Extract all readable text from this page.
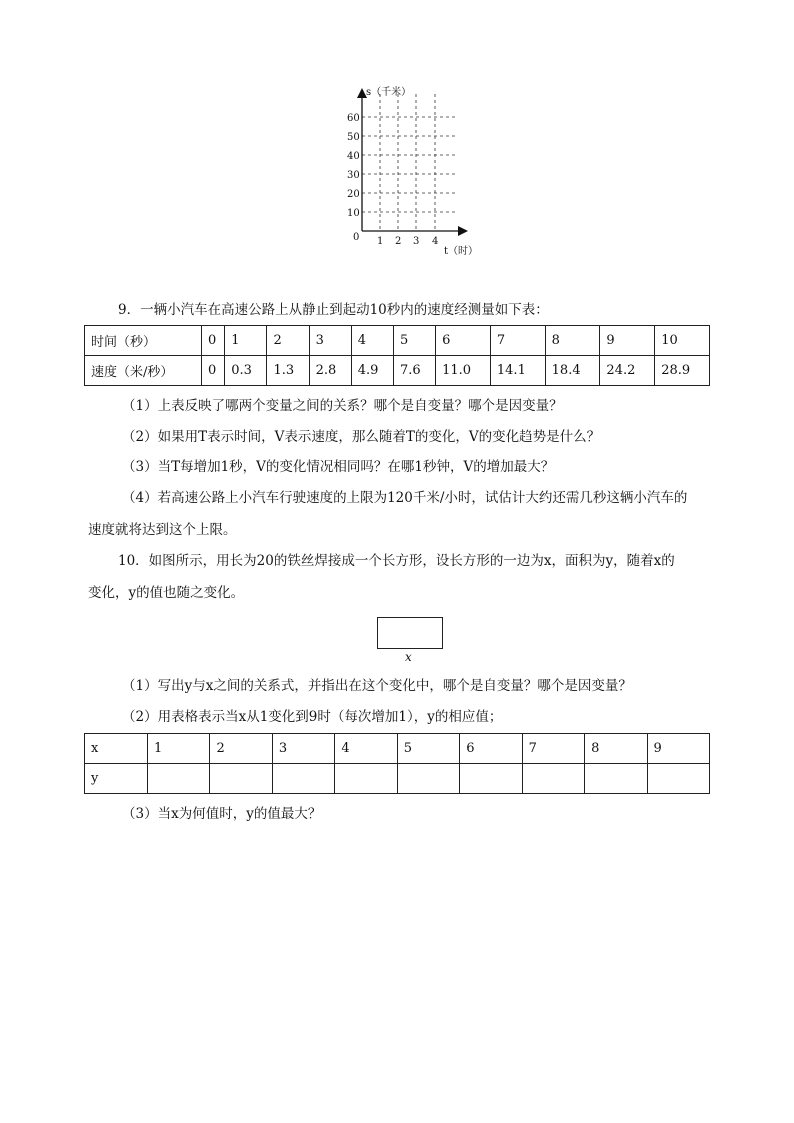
s（千米）
t（时）
0
10
20
30
40
50
60
1 2 3 4
9．一辆小汽车在高速公路上从静止到起动10秒内的速度经测量如下表：
时间（秒）	0	1	2	3	4	5	6	7	8	9	10
速度（米/秒）	0	0.3	1.3	2.8	4.9	7.6	11.0	14.1	18.4	24.2	28.9
（1）上表反映了哪两个变量之间的关系？哪个是自变量？哪个是因变量？
（2）如果用T表示时间，V表示速度，那么随着T的变化，V的变化趋势是什么？
（3）当T每增加1秒，V的变化情况相同吗？在哪1秒钟，V的增加最大？
（4）若高速公路上小汽车行驶速度的上限为120千米/小时，试估计大约还需几秒这辆小汽车的
速度就将达到这个上限。
10．如图所示，用长为20的铁丝焊接成一个长方形，设长方形的一边为x，面积为y，随着x的
变化，y的值也随之变化。
x
（1）写出y与x之间的关系式，并指出在这个变化中，哪个是自变量？哪个是因变量？
（2）用表格表示当x从1变化到9时（每次增加1），y的相应值；
x	1	2	3	4	5	6	7	8	9
y									
（3）当x为何值时，y的值最大？
